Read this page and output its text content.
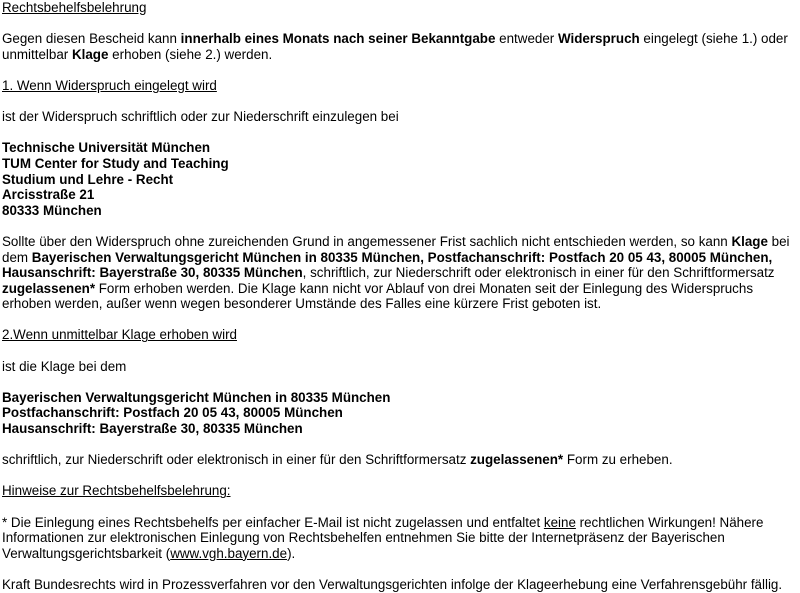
Rechtsbehelfsbelehrung
Gegen diesen Bescheid kann innerhalb eines Monats nach seiner Bekanntgabe entweder Widerspruch eingelegt (siehe 1.) oder
unmittelbar Klage erhoben (siehe 2.) werden.
1. Wenn Widerspruch eingelegt wird
ist der Widerspruch schriftlich oder zur Niederschrift einzulegen bei
Technische Universität München
TUM Center for Study and Teaching
Studium und Lehre - Recht
Arcisstraße 21
80333 München
Sollte über den Widerspruch ohne zureichenden Grund in angemessener Frist sachlich nicht entschieden werden, so kann Klage bei
dem Bayerischen Verwaltungsgericht München in 80335 München, Postfachanschrift: Postfach 20 05 43, 80005 München,
Hausanschrift: Bayerstraße 30, 80335 München, schriftlich, zur Niederschrift oder elektronisch in einer für den Schriftformersatz
zugelassenen* Form erhoben werden. Die Klage kann nicht vor Ablauf von drei Monaten seit der Einlegung des Widerspruchs
erhoben werden, außer wenn wegen besonderer Umstände des Falles eine kürzere Frist geboten ist.
2.Wenn unmittelbar Klage erhoben wird
ist die Klage bei dem
Bayerischen Verwaltungsgericht München in 80335 München
Postfachanschrift: Postfach 20 05 43, 80005 München
Hausanschrift: Bayerstraße 30, 80335 München
schriftlich, zur Niederschrift oder elektronisch in einer für den Schriftformersatz zugelassenen* Form zu erheben.
Hinweise zur Rechtsbehelfsbelehrung:
* Die Einlegung eines Rechtsbehelfs per einfacher E-Mail ist nicht zugelassen und entfaltet keine rechtlichen Wirkungen! Nähere
Informationen zur elektronischen Einlegung von Rechtsbehelfen entnehmen Sie bitte der Internetpräsenz der Bayerischen
Verwaltungsgerichtsbarkeit (www.vgh.bayern.de).
Kraft Bundesrechts wird in Prozessverfahren vor den Verwaltungsgerichten infolge der Klageerhebung eine Verfahrensgebühr fällig.
